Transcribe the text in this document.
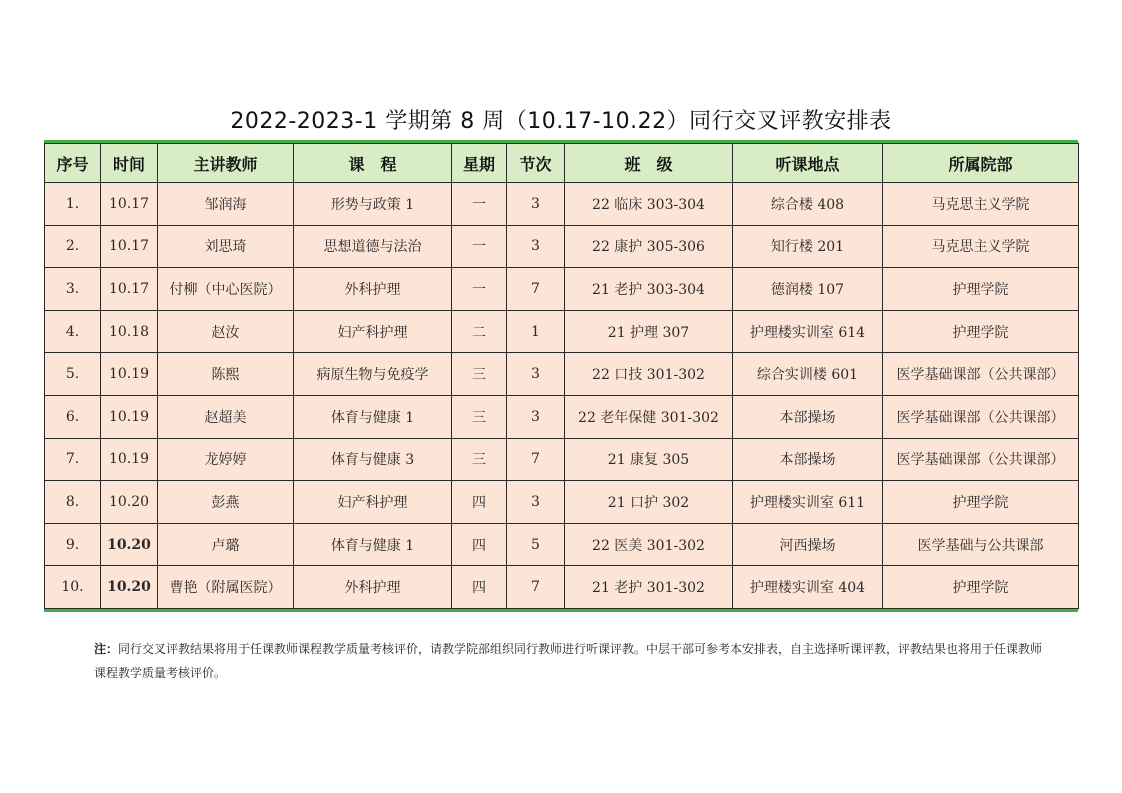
2022-2023-1 学期第 8 周（10.17-10.22）同行交叉评教安排表
序号	时间	主讲教师	课　程	星期	节次	班　级	听课地点	所属院部
1.	10.17	邹润海	形势与政策 1	一	3	22 临床 303-304	综合楼 408	马克思主义学院
2.	10.17	刘思琦	思想道德与法治	一	3	22 康护 305-306	知行楼 201	马克思主义学院
3.	10.17	付柳（中心医院）	外科护理	一	7	21 老护 303-304	德润楼 107	护理学院
4.	10.18	赵汝	妇产科护理	二	1	21 护理 307	护理楼实训室 614	护理学院
5.	10.19	陈熙	病原生物与免疫学	三	3	22 口技 301-302	综合实训楼 601	医学基础课部（公共课部）
6.	10.19	赵超美	体育与健康 1	三	3	22 老年保健 301-302	本部操场	医学基础课部（公共课部）
7.	10.19	龙婷婷	体育与健康 3	三	7	21 康复 305	本部操场	医学基础课部（公共课部）
8.	10.20	彭燕	妇产科护理	四	3	21 口护 302	护理楼实训室 611	护理学院
9.	10.20	卢璐	体育与健康 1	四	5	22 医美 301-302	河西操场	医学基础与公共课部
10.	10.20	曹艳（附属医院）	外科护理	四	7	21 老护 301-302	护理楼实训室 404	护理学院
注：同行交叉评教结果将用于任课教师课程教学质量考核评价，请教学院部组织同行教师进行听课评教。中层干部可参考本安排表，自主选择听课评教，评教结果也将用于任课教师课程教学质量考核评价。
